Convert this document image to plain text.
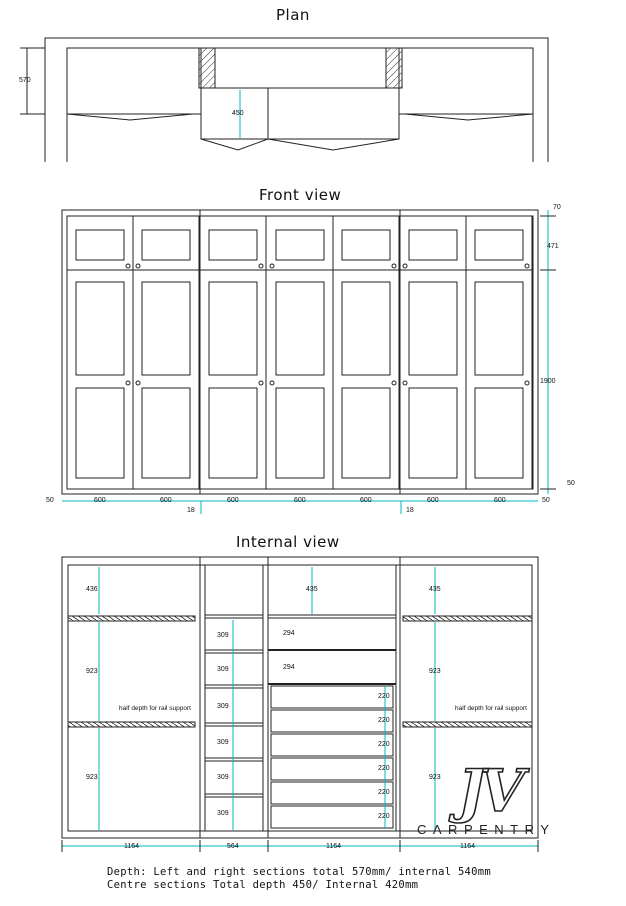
Plan
570
450
Front view
70
471
1900
50
50	50
18	18
600	600	600	600	600	600	600
Internal view
436
923
923
half depth for rail support
435
923
923
half depth for rail support
309
309
309
309
309
309
435
294
294
220
220
220
220
220
220
1164	564	1164	1164
Depth: Left and right sections total 570mm/ internal 540mm
Centre sections Total depth 450/ Internal 420mm
JV
CARPENTRY
